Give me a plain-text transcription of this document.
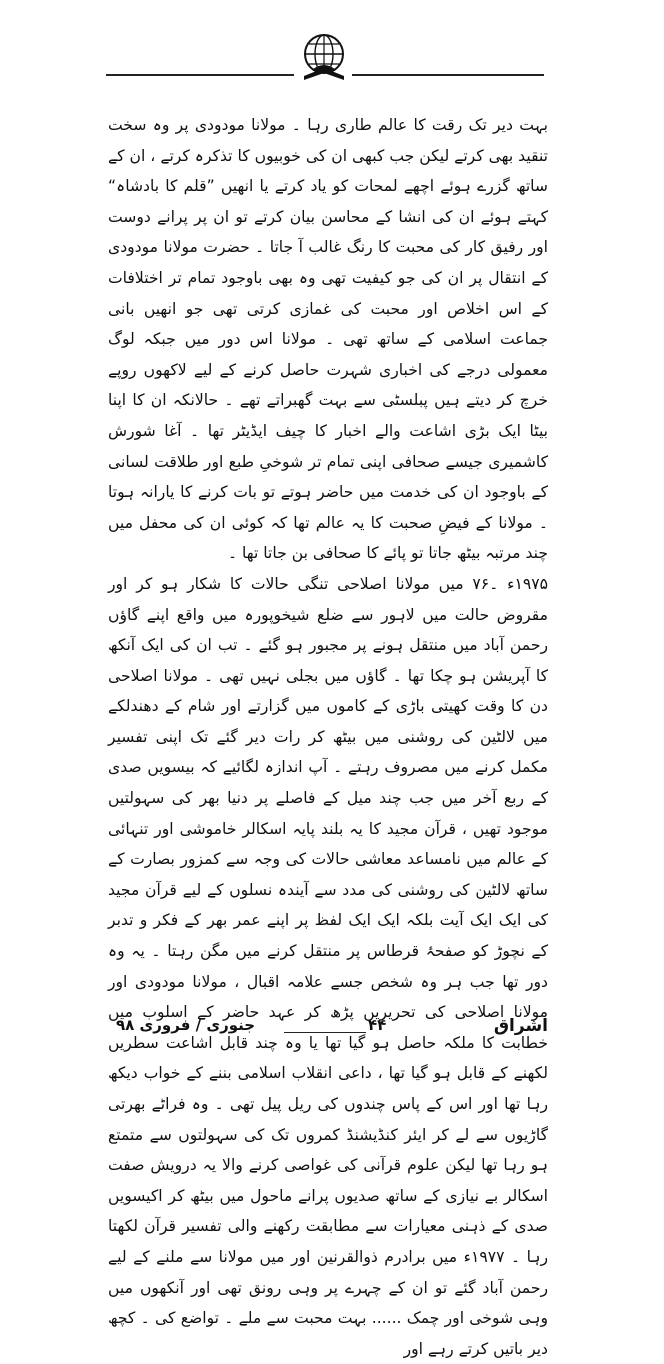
بہت دیر تک رقت کا عالم طاری رہا ۔ مولانا مودودی پر وہ سخت تنقید بھی کرتے لیکن جب کبھی ان کی خوبیوں کا تذکرہ کرتے ، ان کے ساتھ گزرے ہوئے اچھے لمحات کو یاد کرتے یا انھیں ”قلم کا بادشاہ“ کہتے ہوئے ان کی انشا کے محاسن بیان کرتے تو ان پر پرانے دوست اور رفیق کار کی محبت کا رنگ غالب آ جاتا ۔ حضرت مولانا مودودی کے انتقال پر ان کی جو کیفیت تھی وہ بھی باوجود تمام تر اختلافات کے اس اخلاص اور محبت کی غمازی کرتی تھی جو انھیں بانی جماعت اسلامی کے ساتھ تھی ۔ مولانا اس دور میں جبکہ لوگ معمولی درجے کی اخباری شہرت حاصل کرنے کے لیے لاکھوں روپے خرچ کر دیتے ہیں پبلسٹی سے بہت گھبراتے تھے ۔ حالانکہ ان کا اپنا بیٹا ایک بڑی اشاعت والے اخبار کا چیف ایڈیٹر تھا ۔ آغا شورش کاشمیری جیسے صحافی اپنی تمام تر شوخیِ طبع اور طلاقت لسانی کے باوجود ان کی خدمت میں حاضر ہوتے تو بات کرنے کا یارانہ ہوتا ۔ مولانا کے فیضِ صحبت کا یہ عالم تھا کہ کوئی ان کی محفل میں چند مرتبہ بیٹھ جاتا تو پائے کا صحافی بن جاتا تھا ۔

۱۹۷۵ء ۔۷۶ میں مولانا اصلاحی تنگی حالات کا شکار ہو کر اور مقروض حالت میں لاہور سے ضلع شیخوپورہ میں واقع اپنے گاؤں رحمن آباد میں منتقل ہونے پر مجبور ہو گئے ۔ تب ان کی ایک آنکھ کا آپریشن ہو چکا تھا ۔ گاؤں میں بجلی نہیں تھی ۔ مولانا اصلاحی دن کا وقت کھیتی باڑی کے کاموں میں گزارتے اور شام کے دھندلکے میں لالٹین کی روشنی میں بیٹھ کر رات دیر گئے تک اپنی تفسیر مکمل کرنے میں مصروف رہتے ۔ آپ اندازہ لگائیے کہ بیسویں صدی کے ربع آخر میں جب چند میل کے فاصلے پر دنیا بھر کی سہولتیں موجود تھیں ، قرآن مجید کا یہ بلند پایہ اسکالر خاموشی اور تنہائی کے عالم میں نامساعد معاشی حالات کی وجہ سے کمزور بصارت کے ساتھ لالٹین کی روشنی کی مدد سے آیندہ نسلوں کے لیے قرآن مجید کی ایک ایک آیت بلکہ ایک ایک لفظ پر اپنے عمر بھر کے فکر و تدبر کے نچوڑ کو صفحۂ قرطاس پر منتقل کرنے میں مگن رہتا ۔ یہ وہ دور تھا جب ہر وہ شخص جسے علامہ اقبال ، مولانا مودودی اور مولانا اصلاحی کی تحریریں پڑھ کر عہد حاضر کے اسلوب میں خطابت کا ملکہ حاصل ہو گیا تھا یا وہ چند قابل اشاعت سطریں لکھنے کے قابل ہو گیا تھا ، داعی انقلاب اسلامی بننے کے خواب دیکھ رہا تھا اور اس کے پاس چندوں کی ریل پیل تھی ۔ وہ فراٹے بھرتی گاڑیوں سے لے کر ایئر کنڈیشنڈ کمروں تک کی سہولتوں سے متمتع ہو رہا تھا لیکن علوم قرآنی کی غواصی کرنے والا یہ درویش صفت اسکالر بے نیازی کے ساتھ صدیوں پرانے ماحول میں بیٹھ کر اکیسویں صدی کے ذہنی معیارات سے مطابقت رکھنے والی تفسیر قرآن لکھتا رہا ۔ ۱۹۷۷ء میں برادرم ذوالقرنین اور میں مولانا سے ملنے کے لیے رحمن آباد گئے تو ان کے چہرے پر وہی رونق تھی اور آنکھوں میں وہی شوخی اور چمک ...... بہت محبت سے ملے ۔ تواضع کی ۔ کچھ دیر باتیں کرتے رہے اور

اشراق
۴۴
جنوری / فروری ۹۸
